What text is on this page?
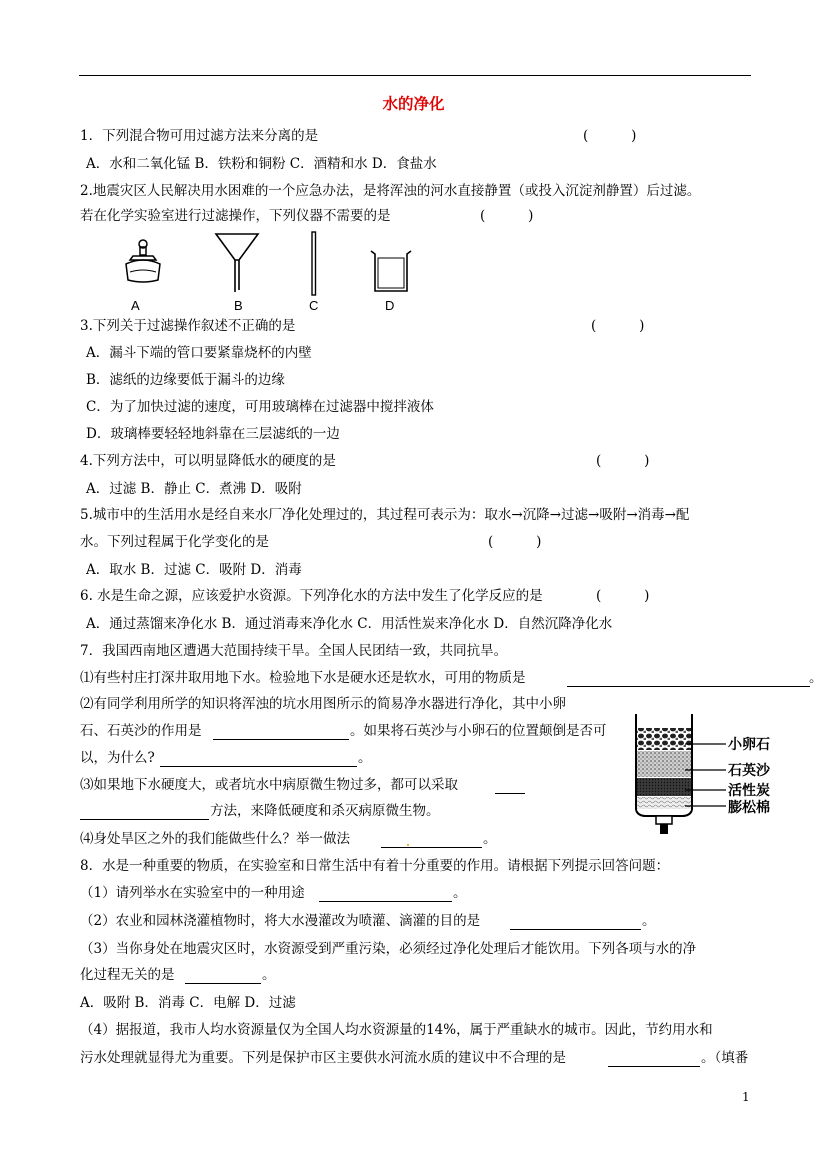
水的净化
1．下列混合物可用过滤方法来分离的是	(          )
A．水和二氧化锰 B．铁粉和铜粉 C．酒精和水 D．食盐水
2.地震灾区人民解决用水困难的一个应急办法，是将浑浊的河水直接静置（或投入沉淀剂静置）后过滤。
若在化学实验室进行过滤操作，下列仪器不需要的是	(          )
A	B	C	D
3.下列关于过滤操作叙述不正确的是	(          )
A．漏斗下端的管口要紧靠烧杯的内壁
B．滤纸的边缘要低于漏斗的边缘
C．为了加快过滤的速度，可用玻璃棒在过滤器中搅拌液体
D．玻璃棒要轻轻地斜靠在三层滤纸的一边
4.下列方法中，可以明显降低水的硬度的是	(          )
A．过滤 B．静止 C．煮沸 D．吸附
5.城市中的生活用水是经自来水厂净化处理过的，其过程可表示为：取水→沉降→过滤→吸附→消毒→配
水。下列过程属于化学变化的是	(          )
A．取水 B．过滤 C．吸附 D．消毒
6. 水是生命之源，应该爱护水资源。下列净化水的方法中发生了化学反应的是	(          )
A．通过蒸馏来净化水 B．通过消毒来净化水 C．用活性炭来净化水 D．自然沉降净化水
7．我国西南地区遭遇大范围持续干旱。全国人民团结一致，共同抗旱。
⑴有些村庄打深井取用地下水。检验地下水是硬水还是软水，可用的物质是	。
⑵有同学利用所学的知识将浑浊的坑水用图所示的简易净水器进行净化，其中小卵
石、石英沙的作用是	。如果将石英沙与小卵石的位置颠倒是否可
以，为什么?	。
⑶如果地下水硬度大，或者坑水中病原微生物过多，都可以采取
方法，来降低硬度和杀灭病原微生物。
⑷身处旱区之外的我们能做些什么？举一做法	。
小卵石
石英沙
活性炭
膨松棉
8．水是一种重要的物质，在实验室和日常生活中有着十分重要的作用。请根据下列提示回答问题：
（1）请列举水在实验室中的一种用途	。
（2）农业和园林浇灌植物时，将大水漫灌改为喷灌、滴灌的目的是	。
（3）当你身处在地震灾区时，水资源受到严重污染，必须经过净化处理后才能饮用。下列各项与水的净
化过程无关的是	。
A．吸附 B．消毒 C．电解 D．过滤
（4）据报道，我市人均水资源量仅为全国人均水资源量的14%，属于严重缺水的城市。因此，节约用水和
污水处理就显得尤为重要。下列是保护市区主要供水河流水质的建议中不合理的是	。（填番
1
